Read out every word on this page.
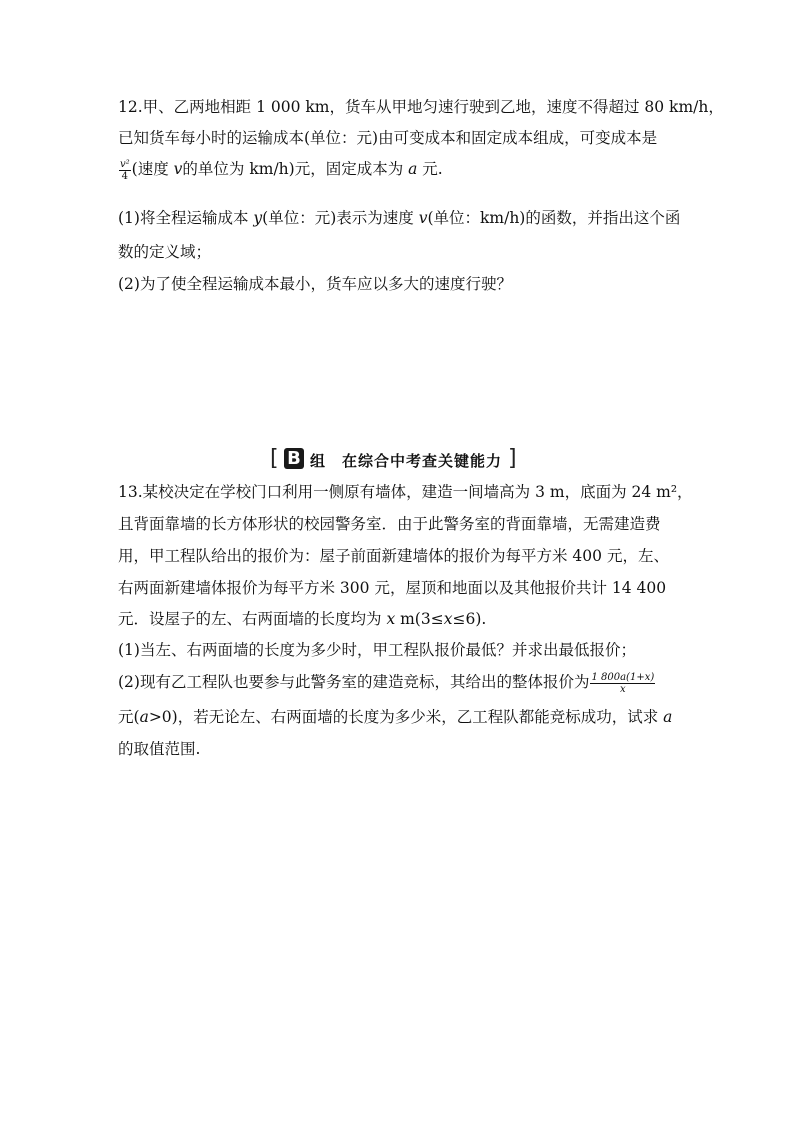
12.甲、乙两地相距 1 000 km，货车从甲地匀速行驶到乙地，速度不得超过 80 km/h，
已知货车每小时的运输成本(单位：元)由可变成本和固定成本组成，可变成本是
$\frac{\text{v²}}{4}$ (速度 v的单位为 km/h)元，固定成本为 a 元.
(1)将全程运输成本 y(单位：元)表示为速度 v(单位：km/h)的函数，并指出这个函
数的定义域；
(2)为了使全程运输成本最小，货车应以多大的速度行驶？
[ B 组　在综合中考查关键能力 ]
13.某校决定在学校门口利用一侧原有墙体，建造一间墙高为 3 m，底面为 24 m²，
且背面靠墙的长方体形状的校园警务室．由于此警务室的背面靠墙，无需建造费
用，甲工程队给出的报价为：屋子前面新建墙体的报价为每平方米 400 元，左、
右两面新建墙体报价为每平方米 300 元，屋顶和地面以及其他报价共计 14 400
元．设屋子的左、右两面墙的长度均为 x m(3≤x≤6).
(1)当左、右两面墙的长度为多少时，甲工程队报价最低？并求出最低报价；
(2)现有乙工程队也要参与此警务室的建造竞标，其给出的整体报价为 $\frac{1 800a(1+x)}{x}$
元(a>0)，若无论左、右两面墙的长度为多少米，乙工程队都能竞标成功，试求 a
的取值范围.
